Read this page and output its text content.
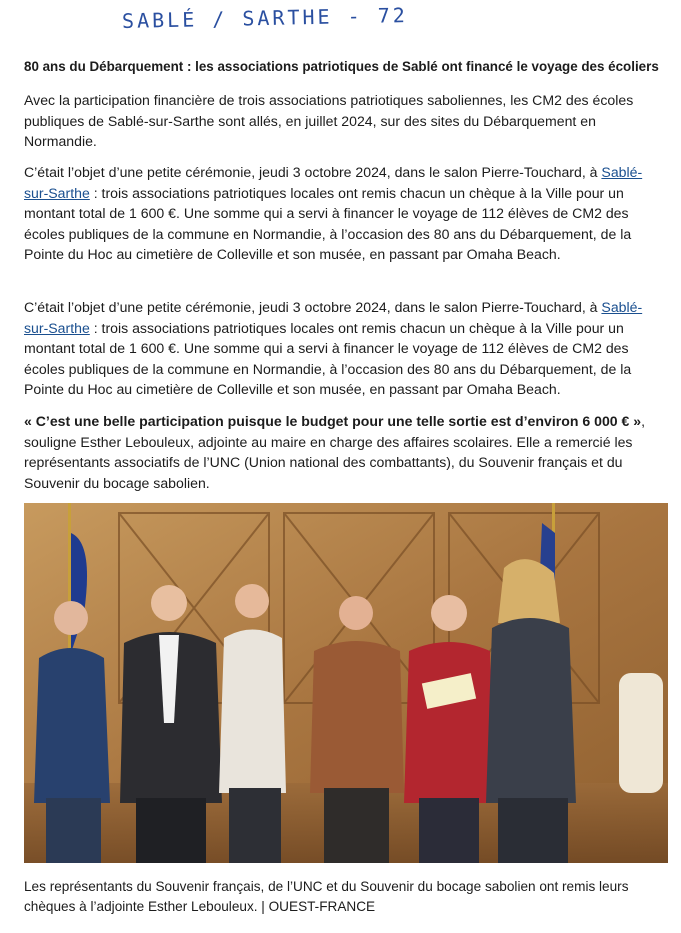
SABLÉ / SARTHE - 72
80 ans du Débarquement : les associations patriotiques de Sablé ont financé le voyage des écoliers
Avec la participation financière de trois associations patriotiques saboliennes, les CM2 des écoles publiques de Sablé-sur-Sarthe sont allés, en juillet 2024, sur des sites du Débarquement en Normandie.
C’était l’objet d’une petite cérémonie, jeudi 3 octobre 2024, dans le salon Pierre-Touchard, à Sablé-sur-Sarthe : trois associations patriotiques locales ont remis chacun un chèque à la Ville pour un montant total de 1 600 €. Une somme qui a servi à financer le voyage de 112 élèves de CM2 des écoles publiques de la commune en Normandie, à l’occasion des 80 ans du Débarquement, de la Pointe du Hoc au cimetière de Colleville et son musée, en passant par Omaha Beach.
C’était l’objet d’une petite cérémonie, jeudi 3 octobre 2024, dans le salon Pierre-Touchard, à Sablé-sur-Sarthe : trois associations patriotiques locales ont remis chacun un chèque à la Ville pour un montant total de 1 600 €. Une somme qui a servi à financer le voyage de 112 élèves de CM2 des écoles publiques de la commune en Normandie, à l’occasion des 80 ans du Débarquement, de la Pointe du Hoc au cimetière de Colleville et son musée, en passant par Omaha Beach.
« C’est une belle participation puisque le budget pour une telle sortie est d’environ 6 000 € », souligne Esther Lebouleux, adjointe au maire en charge des affaires scolaires. Elle a remercié les représentants associatifs de l’UNC (Union national des combattants), du Souvenir français et du Souvenir du bocage sabolien.
Les représentants du Souvenir français, de l’UNC et du Souvenir du bocage sabolien ont remis leurs chèques à l’adjointe Esther Lebouleux. | OUEST-FRANCE
